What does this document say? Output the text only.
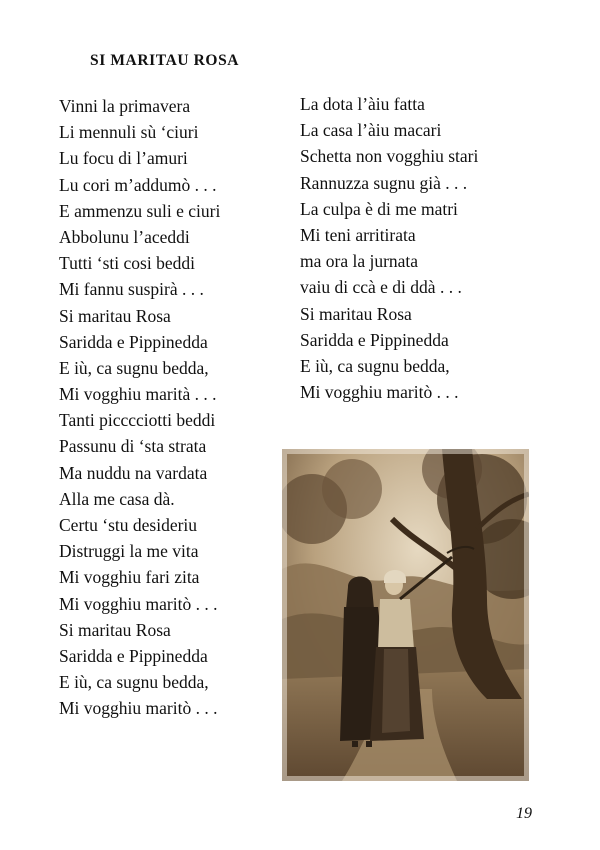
SI MARITAU ROSA
Vinni la primavera
Li mennuli sù ‘ciuri
Lu focu di l’amuri
Lu cori m’addumò . . .
E ammenzu suli e ciuri
Abbolunu l’aceddi
Tutti ‘sti cosi beddi
Mi fannu suspirà . . .
Si maritau Rosa
Saridda e Pippinedda
E iù, ca sugnu bedda,
Mi vogghiu marità . . .
Tanti picccciotti beddi
Passunu di ‘sta strata
Ma nuddu na vardata
Alla me casa dà.
Certu ‘stu desideriu
Distruggi la me vita
Mi vogghiu fari zita
Mi vogghiu maritò . . .
Si maritau Rosa
Saridda e Pippinedda
E iù, ca sugnu bedda,
Mi vogghiu maritò . . .
La dota l’àiu fatta
La casa l’àiu macari
Schetta non vogghiu stari
Rannuzza sugnu già . . .
La culpa è di me matri
Mi teni arritirata
ma ora la jurnata
vaiu di ccà e di ddà . . .
Si maritau Rosa
Saridda e Pippinedda
E iù, ca sugnu bedda,
Mi vogghiu maritò . . .
19
